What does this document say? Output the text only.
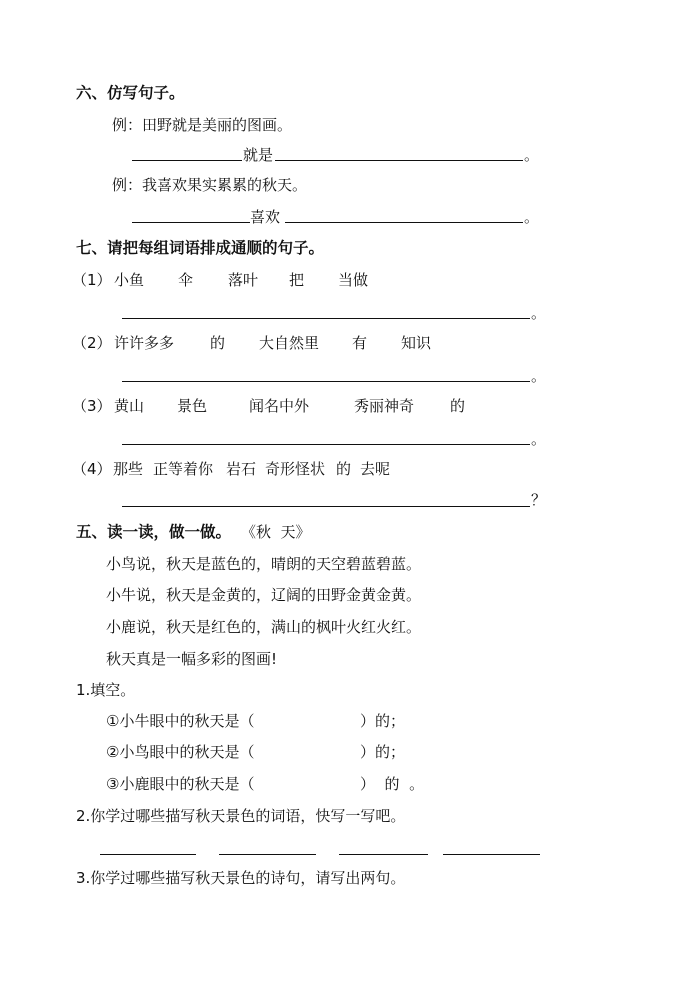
六、仿写句子。
例：田野就是美丽的图画。
就是	。
例：我喜欢果实累累的秋天。
喜欢	。
七、请把每组词语排成通顺的句子。
（1） 小鱼 伞 落叶 把 当做
。
（2） 许许多多 的 大自然里 有 知识
。
（3） 黄山 景色	闻名中外	秀丽神奇 的
。
（4） 那些 正等着你 岩石 奇形怪状 的 去呢
？
五、读一读，做一做。 《秋  天》
小鸟说，秋天是蓝色的，晴朗的天空碧蓝碧蓝。
小牛说，秋天是金黄的，辽阔的田野金黄金黄。
小鹿说，秋天是红色的，满山的枫叶火红火红。
秋天真是一幅多彩的图画!
1.填空。
①小牛眼中的秋天是（	）的；
②小鸟眼中的秋天是（	）的；
③小鹿眼中的秋天是（	）  的  。
2.你学过哪些描写秋天景色的词语，快写一写吧。
3.你学过哪些描写秋天景色的诗句，请写出两句。
